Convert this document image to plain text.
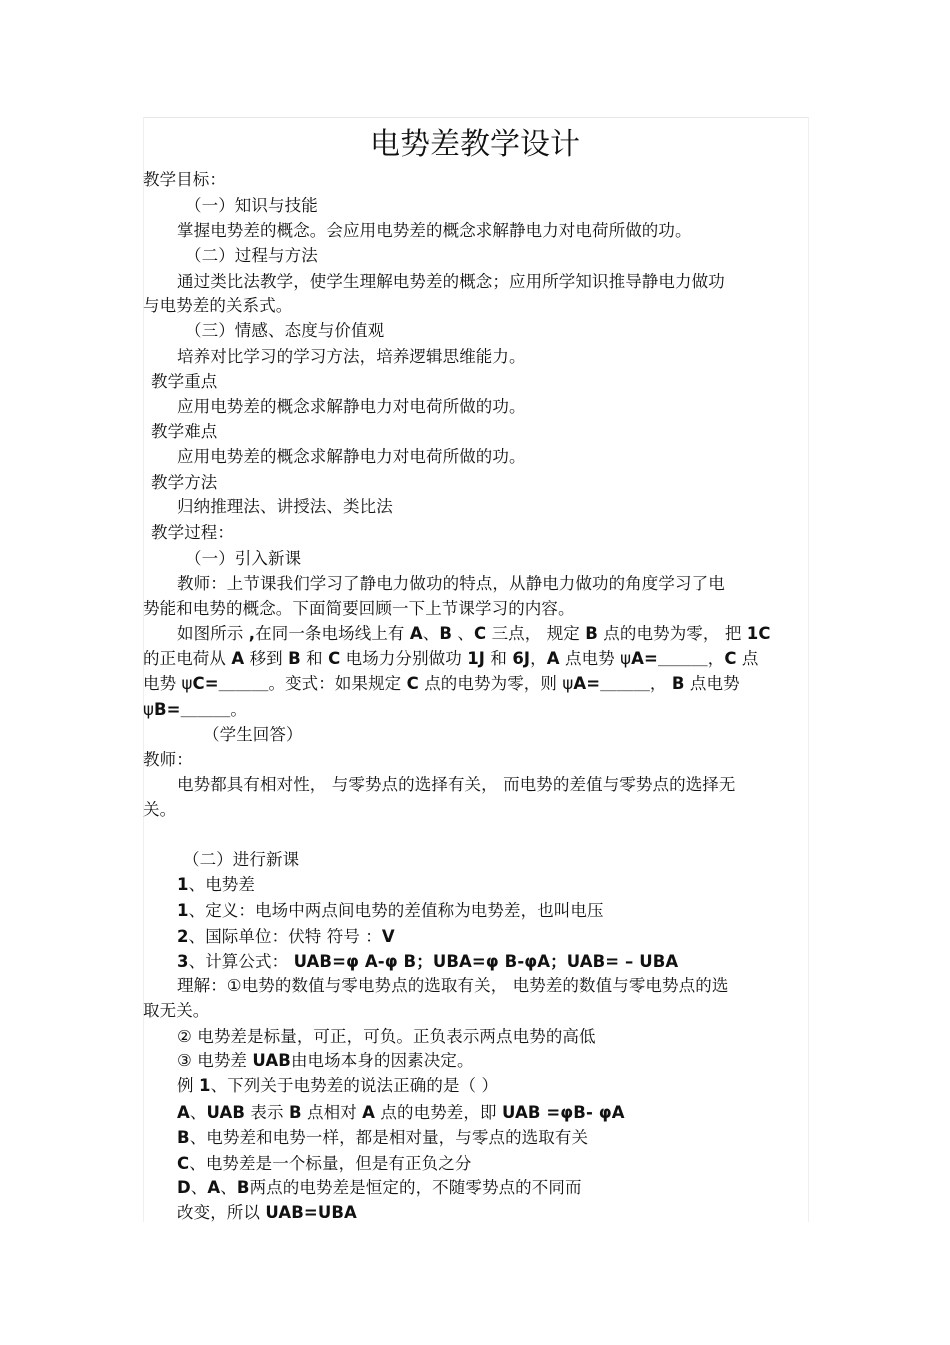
电势差教学设计
教学目标：
（一）知识与技能
掌握电势差的概念。会应用电势差的概念求解静电力对电荷所做的功。
（二）过程与方法
通过类比法教学，使学生理解电势差的概念；应用所学知识推导静电力做功
与电势差的关系式。
（三）情感、态度与价值观
培养对比学习的学习方法，培养逻辑思维能力。
教学重点
应用电势差的概念求解静电力对电荷所做的功。
教学难点
应用电势差的概念求解静电力对电荷所做的功。
教学方法
归纳推理法、讲授法、类比法
教学过程：
（一）引入新课
教师：上节课我们学习了静电力做功的特点，从静电力做功的角度学习了电
势能和电势的概念。下面简要回顾一下上节课学习的内容。
如图所示 ,在同一条电场线上有 A、B 、C 三点， 规定 B 点的电势为零， 把 1C
的正电荷从 A 移到 B 和 C 电场力分别做功 1J 和 6J，A 点电势 ψA=＿＿＿，C 点
电势 ψC=＿＿＿。变式：如果规定 C 点的电势为零，则 ψA=＿＿＿， B 点电势
ψB=＿＿＿。
（学生回答）
教师：
电势都具有相对性， 与零势点的选择有关， 而电势的差值与零势点的选择无
关。
（二）进行新课
1、电势差
1、定义：电场中两点间电势的差值称为电势差，也叫电压
2、国际单位：伏特 符号 ：V
3、计算公式： UAB=φ A-φ B；UBA=φ B-φA；UAB= – UBA
理解：①电势的数值与零电势点的选取有关， 电势差的数值与零电势点的选
取无关。
② 电势差是标量，可正，可负。正负表示两点电势的高低
③ 电势差 UAB由电场本身的因素决定。
例 1、下列关于电势差的说法正确的是（ ）
A、UAB 表示 B 点相对 A 点的电势差，即 UAB =φB- φA
B、电势差和电势一样，都是相对量，与零点的选取有关
C、电势差是一个标量，但是有正负之分
D、A、B两点的电势差是恒定的，不随零势点的不同而
改变，所以 UAB=UBA
